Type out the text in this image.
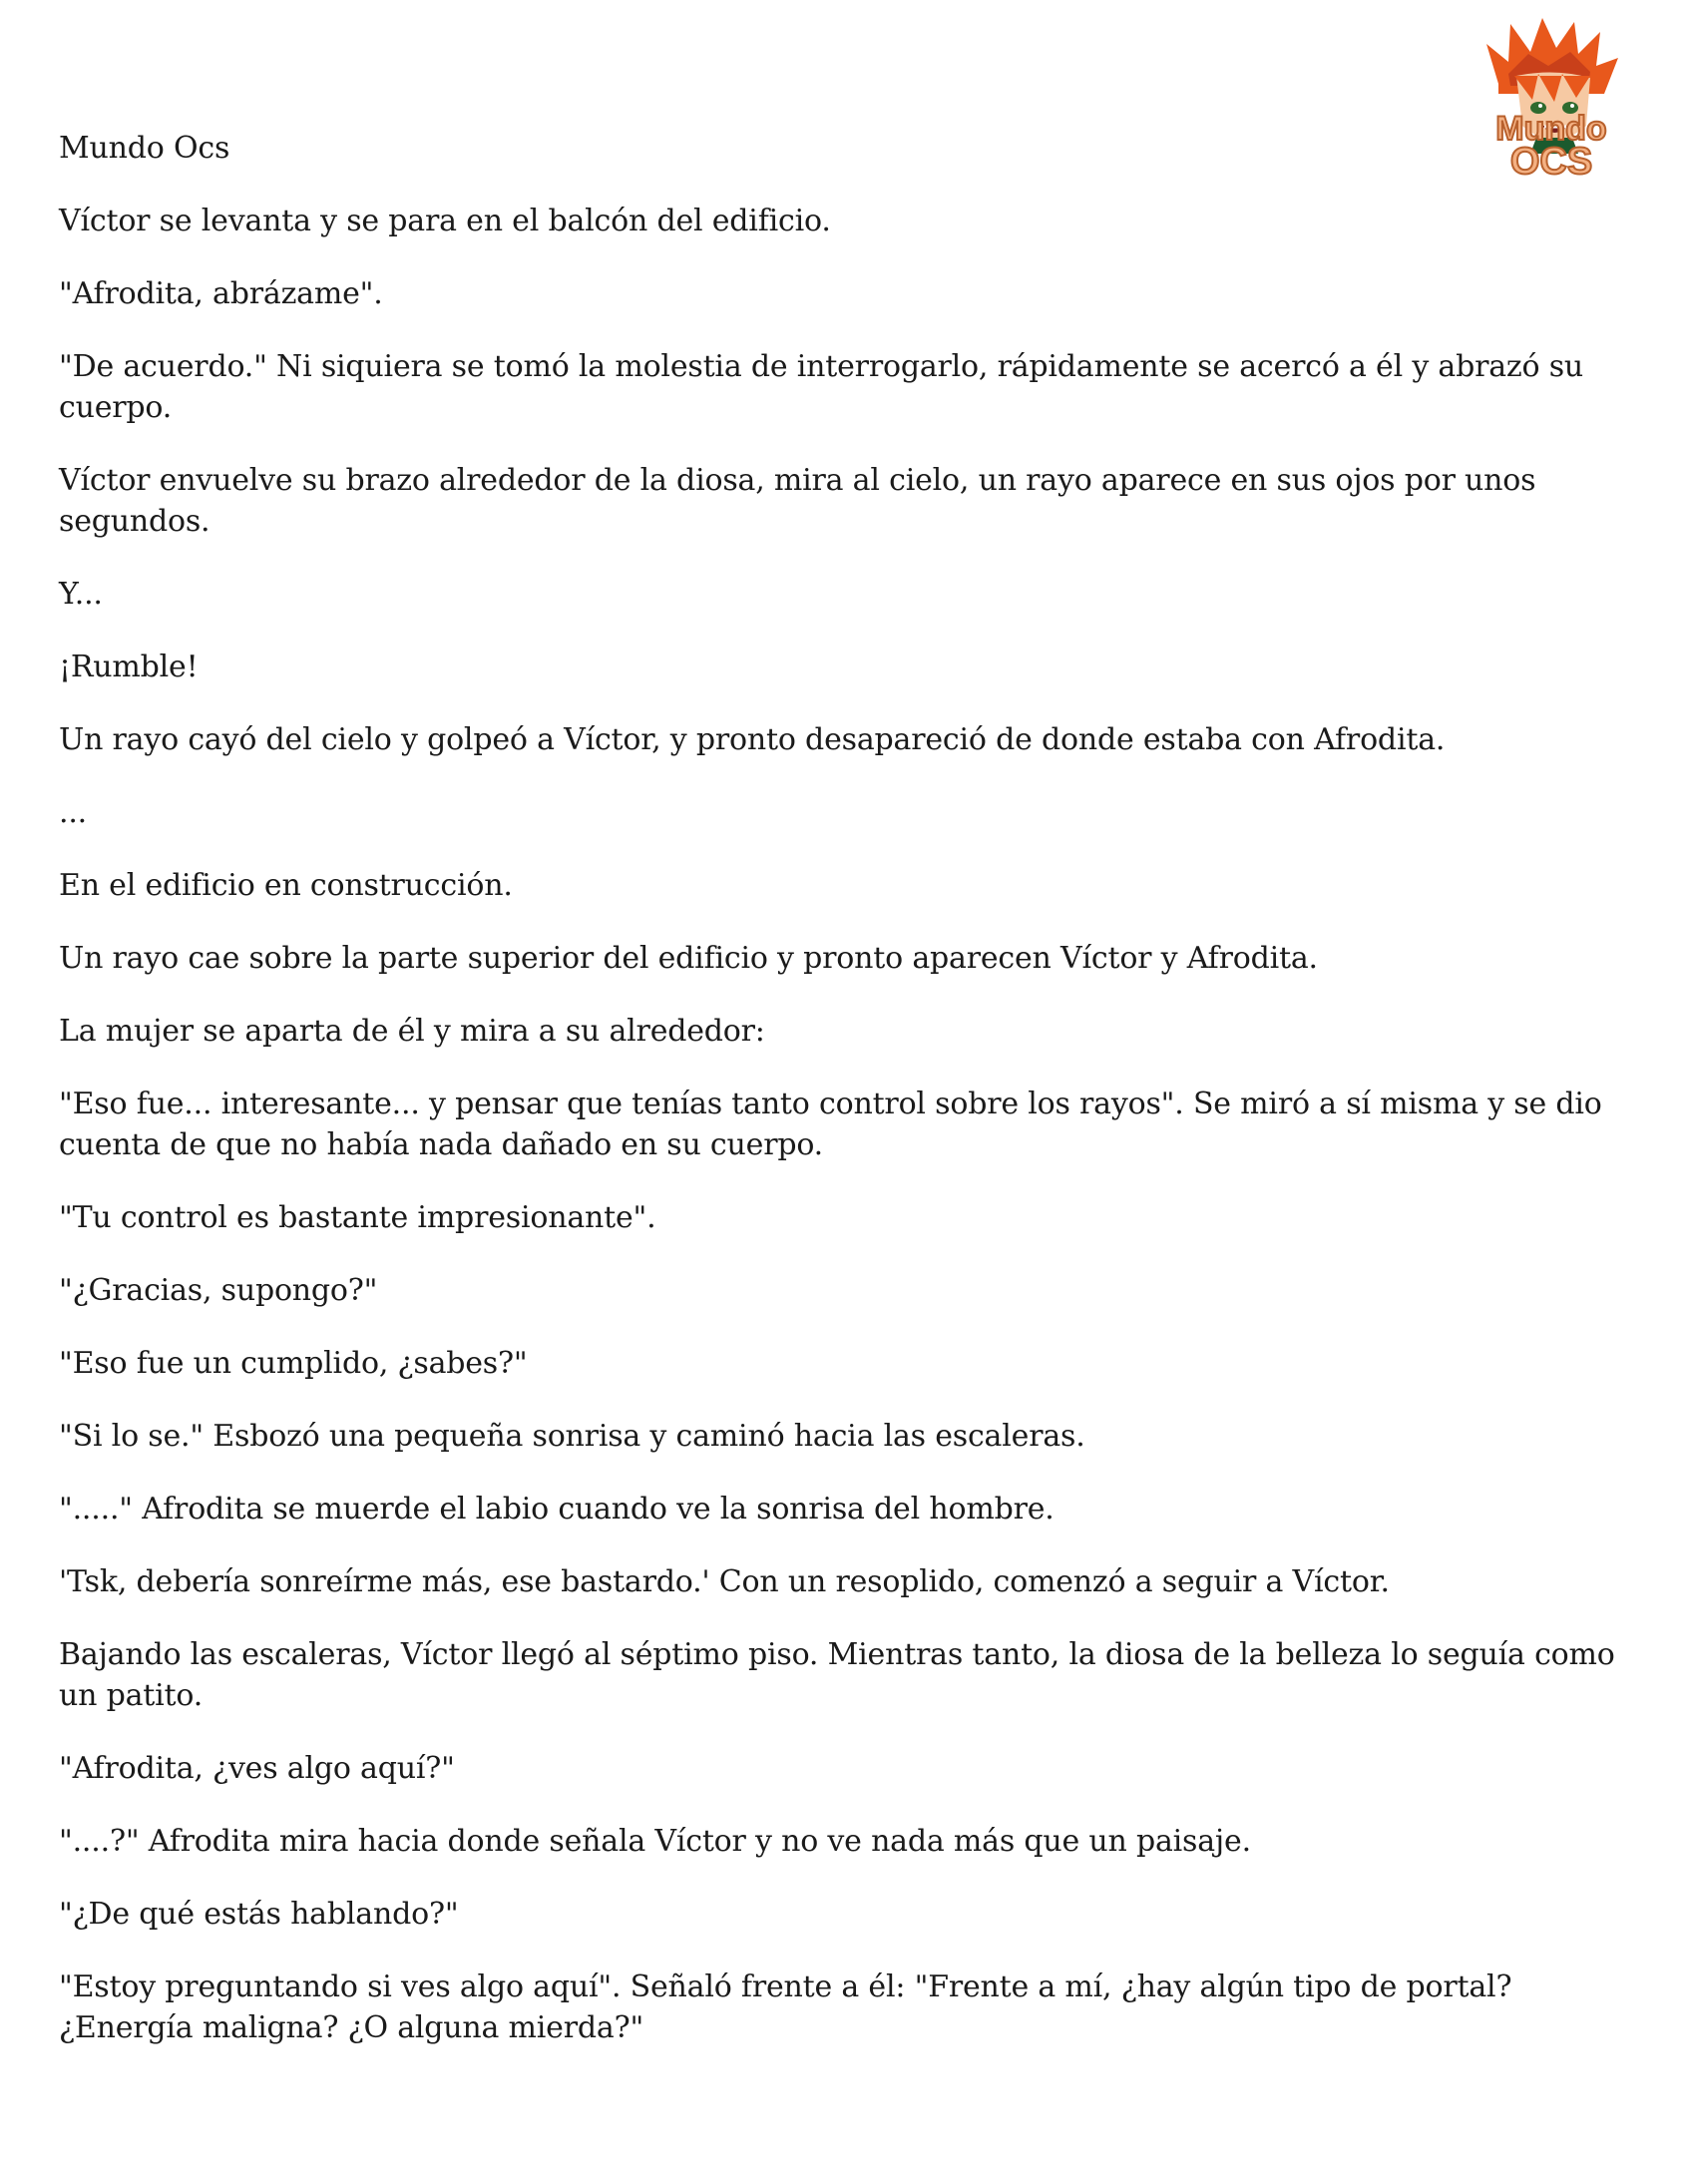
Mundo
OCS

Mundo Ocs

Víctor se levanta y se para en el balcón del edificio.

"Afrodita, abrázame".

"De acuerdo." Ni siquiera se tomó la molestia de interrogarlo, rápidamente se acercó a él y abrazó su cuerpo.

Víctor envuelve su brazo alrededor de la diosa, mira al cielo, un rayo aparece en sus ojos por unos segundos.

Y...

¡Rumble!

Un rayo cayó del cielo y golpeó a Víctor, y pronto desapareció de donde estaba con Afrodita.

...

En el edificio en construcción.

Un rayo cae sobre la parte superior del edificio y pronto aparecen Víctor y Afrodita.

La mujer se aparta de él y mira a su alrededor:

"Eso fue... interesante... y pensar que tenías tanto control sobre los rayos". Se miró a sí misma y se dio cuenta de que no había nada dañado en su cuerpo.

"Tu control es bastante impresionante".

"¿Gracias, supongo?"

"Eso fue un cumplido, ¿sabes?"

"Si lo se." Esbozó una pequeña sonrisa y caminó hacia las escaleras.

"....." Afrodita se muerde el labio cuando ve la sonrisa del hombre.

'Tsk, debería sonreírme más, ese bastardo.' Con un resoplido, comenzó a seguir a Víctor.

Bajando las escaleras, Víctor llegó al séptimo piso. Mientras tanto, la diosa de la belleza lo seguía como un patito.

"Afrodita, ¿ves algo aquí?"

"....?" Afrodita mira hacia donde señala Víctor y no ve nada más que un paisaje.

"¿De qué estás hablando?"

"Estoy preguntando si ves algo aquí". Señaló frente a él: "Frente a mí, ¿hay algún tipo de portal? ¿Energía maligna? ¿O alguna mierda?"
